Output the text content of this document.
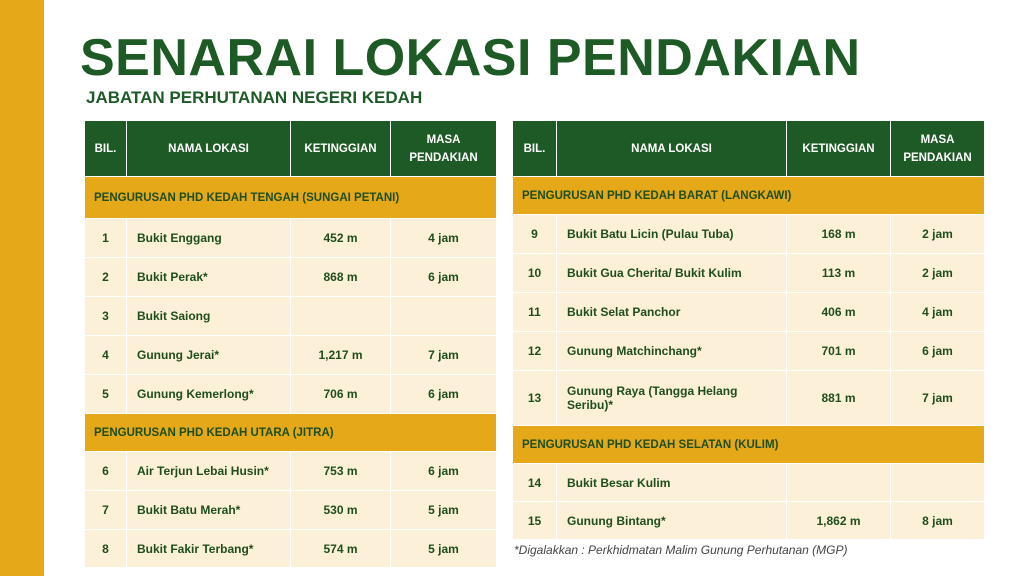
SENARAI LOKASI PENDAKIAN
JABATAN PERHUTANAN NEGERI KEDAH
BIL.	NAMA LOKASI	KETINGGIAN	MASA
PENDAKIAN
PENGURUSAN PHD KEDAH TENGAH (SUNGAI PETANI)			
1	Bukit Enggang	452 m	4 jam
2	Bukit Perak*	868 m	6 jam
3	Bukit Saiong		
4	Gunung Jerai*	1,217 m	7 jam
5	Gunung Kemerlong*	706 m	6 jam
PENGURUSAN PHD KEDAH UTARA (JITRA)			
6	Air Terjun Lebai Husin*	753 m	6 jam
7	Bukit Batu Merah*	530 m	5 jam
8	Bukit Fakir Terbang*	574 m	5 jam
BIL.	NAMA LOKASI	KETINGGIAN	MASA
PENDAKIAN
PENGURUSAN PHD KEDAH BARAT (LANGKAWI)			
9	Bukit Batu Licin (Pulau Tuba)	168 m	2 jam
10	Bukit Gua Cherita/ Bukit Kulim	113 m	2 jam
11	Bukit Selat Panchor	406 m	4 jam
12	Gunung Matchinchang*	701 m	6 jam
13	Gunung Raya (Tangga Helang Seribu)*	881 m	7 jam
PENGURUSAN PHD KEDAH SELATAN (KULIM)			
14	Bukit Besar Kulim		
15	Gunung Bintang*	1,862 m	8 jam
*Digalakkan : Perkhidmatan Malim Gunung Perhutanan (MGP)
